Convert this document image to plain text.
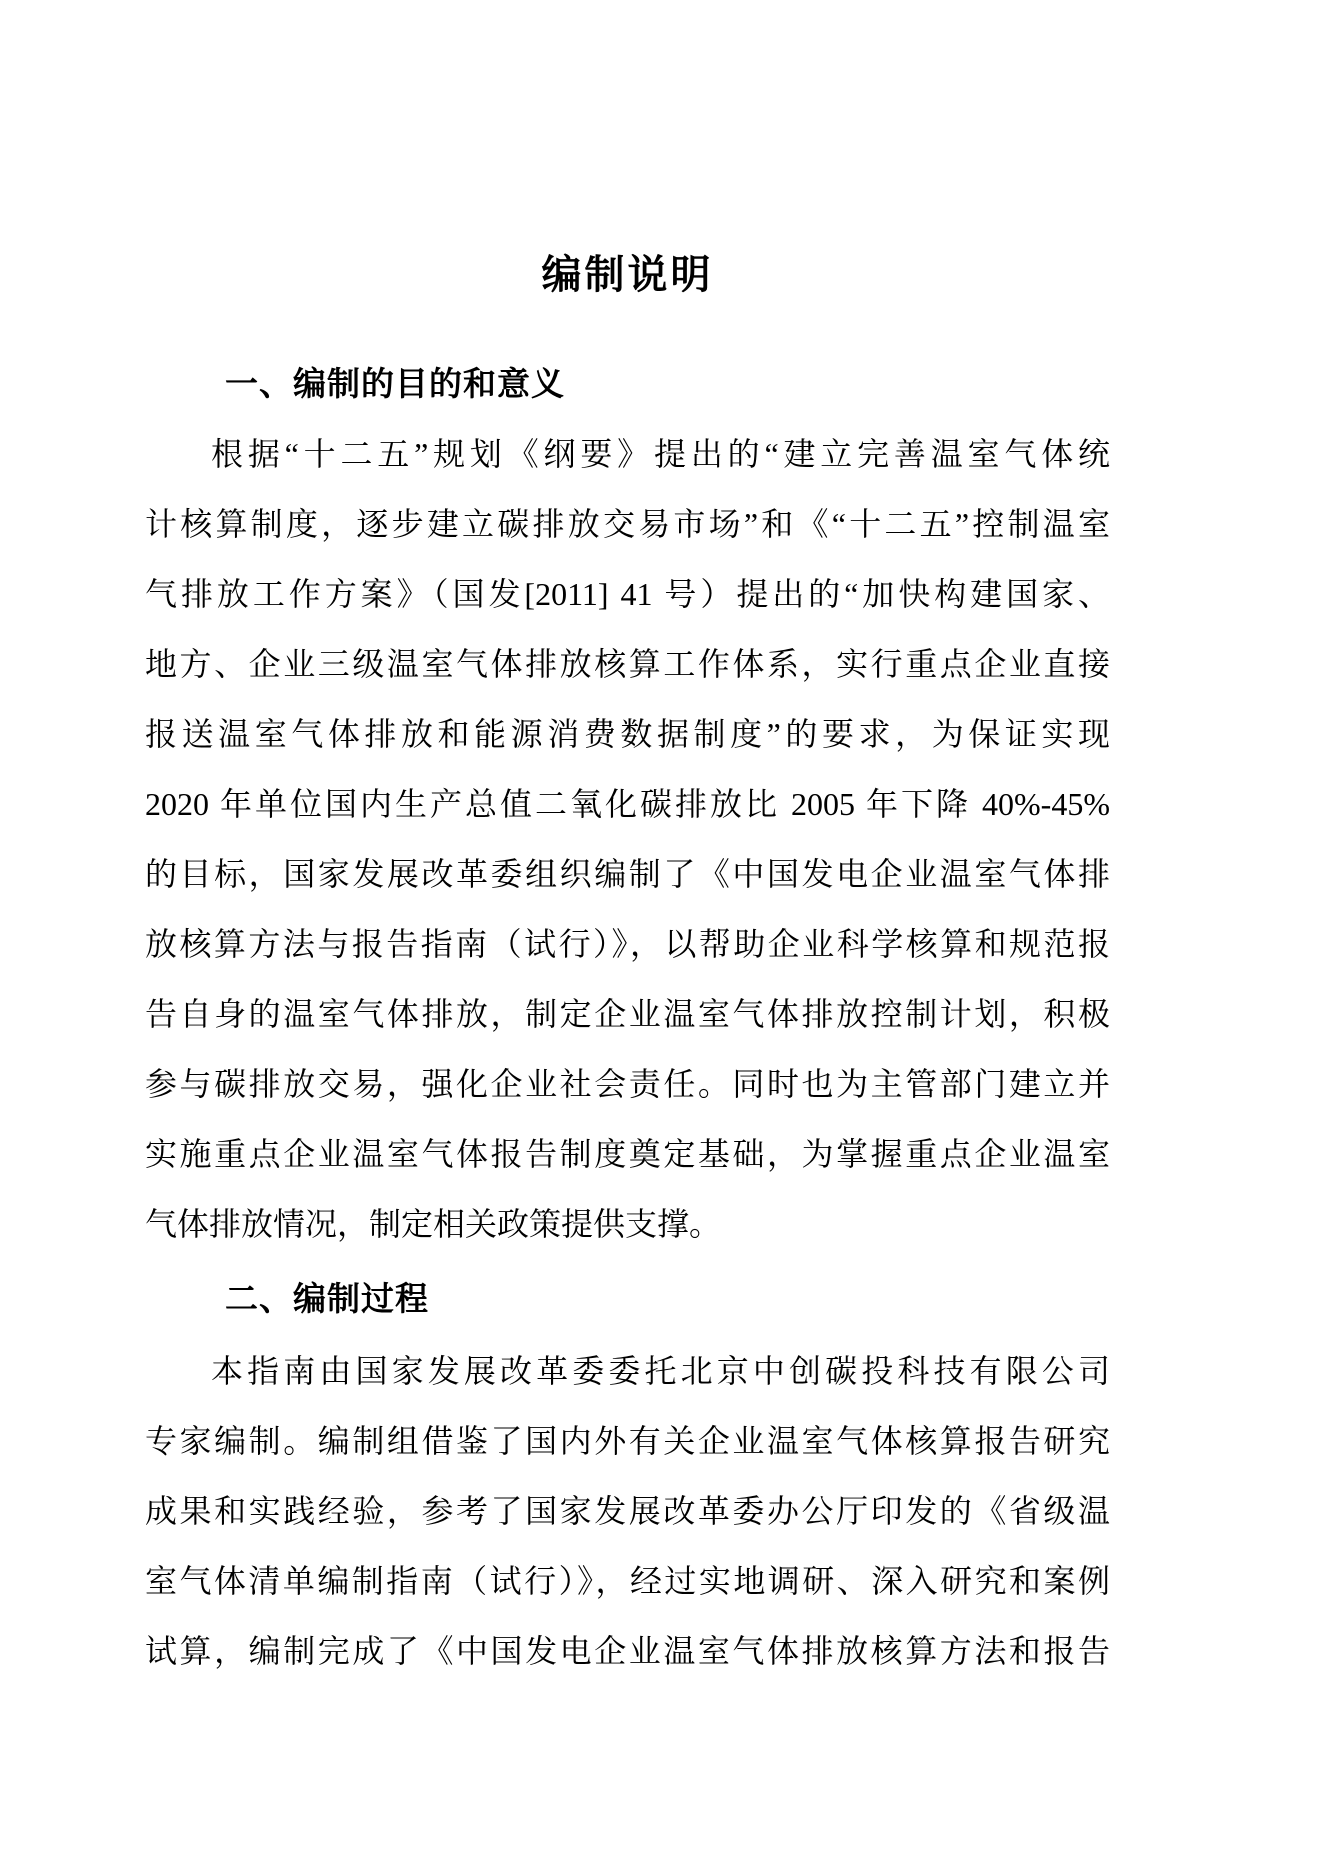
编制说明
一、编制的目的和意义
根据“十二五”规划《纲要》提出的“建立完善温室气体统
计核算制度，逐步建立碳排放交易市场”和《“十二五”控制温室
气排放工作方案》（国发[2011] 41 号）提出的“加快构建国家、
地方、企业三级温室气体排放核算工作体系，实行重点企业直接
报送温室气体排放和能源消费数据制度”的要求，为保证实现
2020 年单位国内生产总值二氧化碳排放比 2005 年下降 40%-45%
的目标，国家发展改革委组织编制了《中国发电企业温室气体排
放核算方法与报告指南（试行）》，以帮助企业科学核算和规范报
告自身的温室气体排放，制定企业温室气体排放控制计划，积极
参与碳排放交易，强化企业社会责任。同时也为主管部门建立并
实施重点企业温室气体报告制度奠定基础，为掌握重点企业温室
气体排放情况，制定相关政策提供支撑。
二、编制过程
本指南由国家发展改革委委托北京中创碳投科技有限公司
专家编制。编制组借鉴了国内外有关企业温室气体核算报告研究
成果和实践经验，参考了国家发展改革委办公厅印发的《省级温
室气体清单编制指南（试行）》，经过实地调研、深入研究和案例
试算，编制完成了《中国发电企业温室气体排放核算方法和报告
